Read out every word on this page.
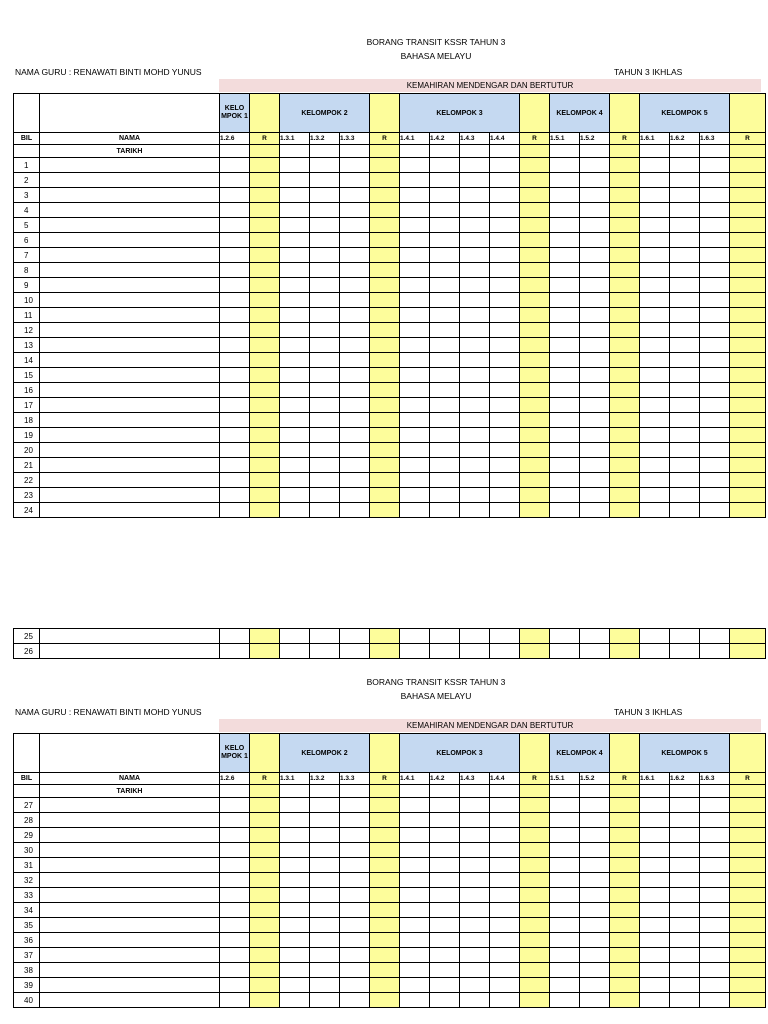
BORANG TRANSIT KSSR TAHUN 3
BAHASA MELAYU
NAMA GURU : RENAWATI BINTI MOHD YUNUS	TAHUN 3 IKHLAS
KEMAHIRAN MENDENGAR DAN BERTUTUR
		KELO MPOK 1		KELOMPOK 2				KELOMPOK 3					KELOMPOK 4			KELOMPOK 5			
BIL	NAMA	1.2.6	R	1.3.1	1.3.2	1.3.3	R	1.4.1	1.4.2	1.4.3	1.4.4	R	1.5.1	1.5.2	R	1.6.1	1.6.2	1.6.3	R
	TARIKH																		
1																			
2																			
3																			
4																			
5																			
6																			
7																			
8																			
9																			
10																			
11																			
12																			
13																			
14																			
15																			
16																			
17																			
18																			
19																			
20																			
21																			
22																			
23																			
24																			
25																			
26																			
BORANG TRANSIT KSSR TAHUN 3
BAHASA MELAYU
NAMA GURU : RENAWATI BINTI MOHD YUNUS	TAHUN 3 IKHLAS
KEMAHIRAN MENDENGAR DAN BERTUTUR
		KELO MPOK 1		KELOMPOK 2				KELOMPOK 3					KELOMPOK 4			KELOMPOK 5			
BIL	NAMA	1.2.6	R	1.3.1	1.3.2	1.3.3	R	1.4.1	1.4.2	1.4.3	1.4.4	R	1.5.1	1.5.2	R	1.6.1	1.6.2	1.6.3	R
	TARIKH																		
27																			
28																			
29																			
30																			
31																			
32																			
33																			
34																			
35																			
36																			
37																			
38																			
39																			
40																			
